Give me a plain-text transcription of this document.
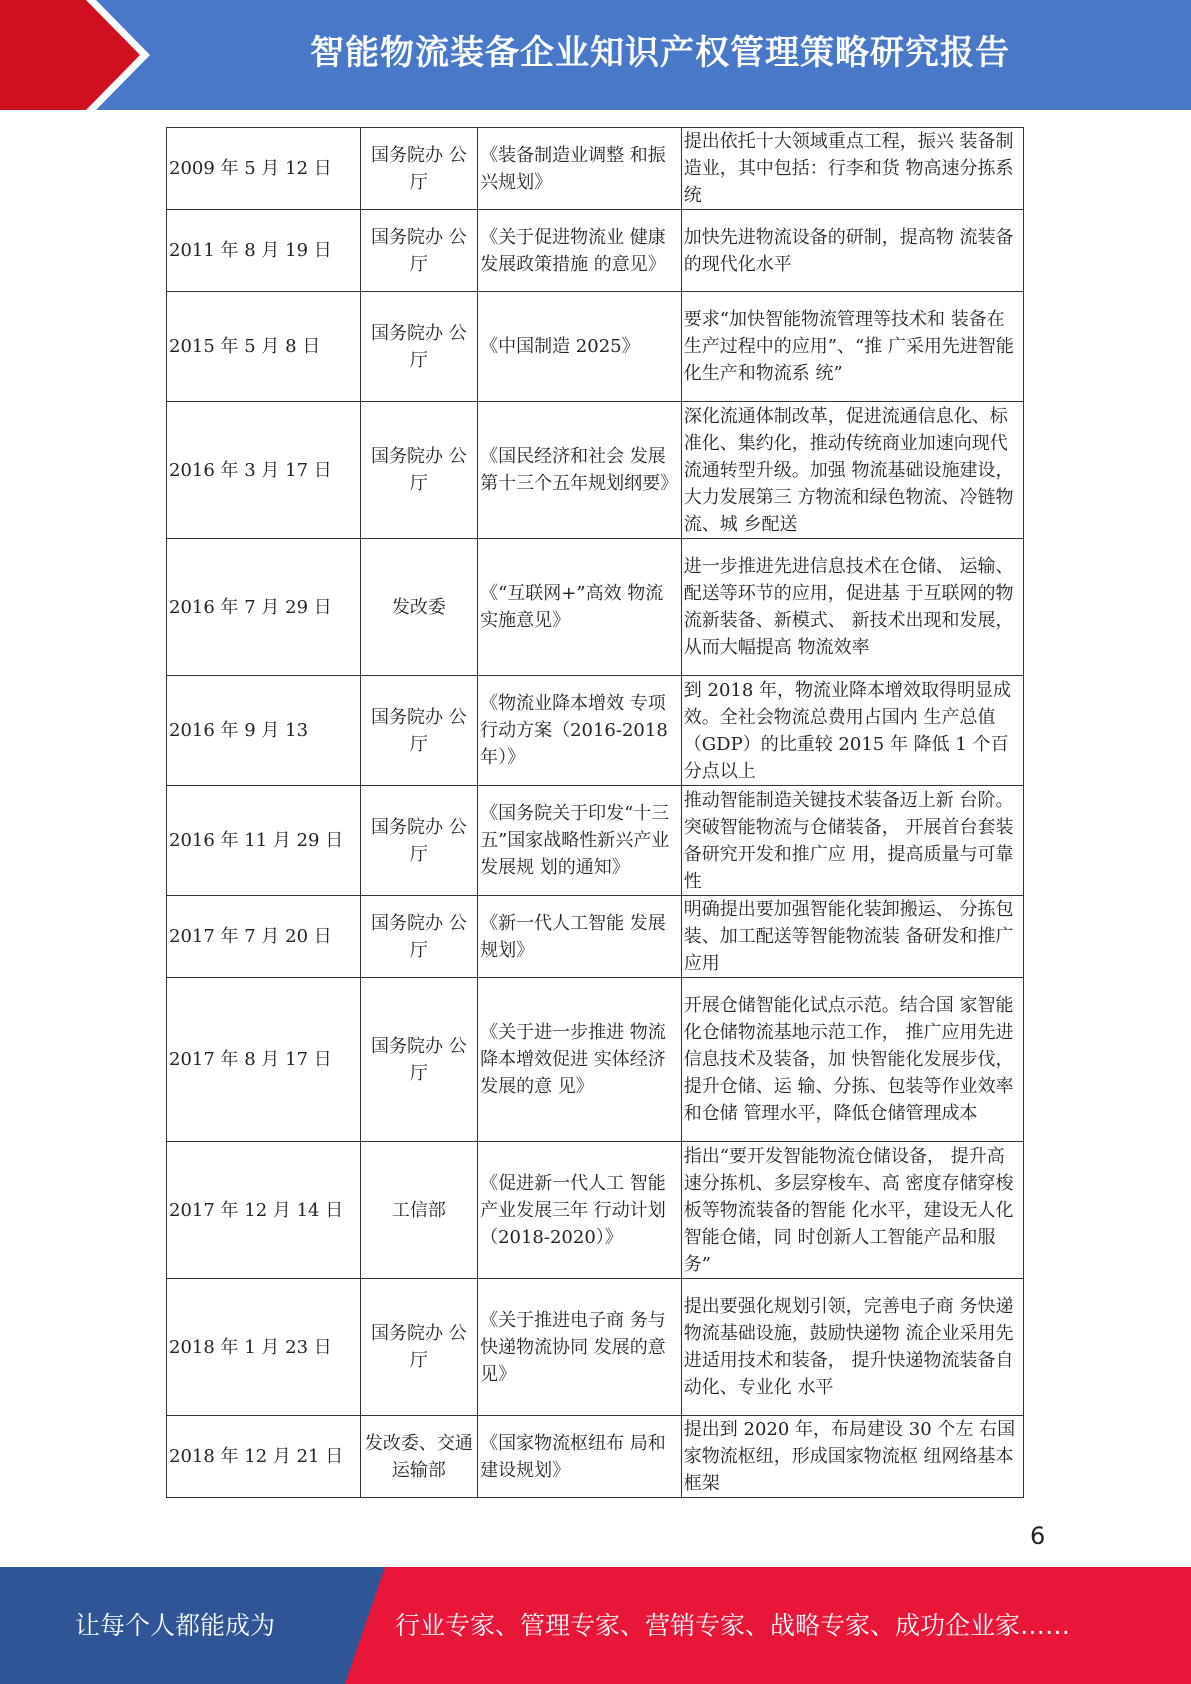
智能物流装备企业知识产权管理策略研究报告
2009 年 5 月 12 日	国务院办 公厅	《装备制造业调整 和振兴规划》	提出依托十大领域重点工程，振兴 装备制造业，其中包括：行李和货 物高速分拣系统
2011 年 8 月 19 日	国务院办 公厅	《关于促进物流业 健康发展政策措施 的意见》	加快先进物流设备的研制，提高物 流装备的现代化水平
2015 年 5 月 8 日	国务院办 公厅	《中国制造 2025》	要求“加快智能物流管理等技术和 装备在生产过程中的应用”、“推 广采用先进智能化生产和物流系 统”
2016 年 3 月 17 日	国务院办 公厅	《国民经济和社会 发展第十三个五年规划纲要》	深化流通体制改革，促进流通信息化、标准化、集约化，推动传统商业加速向现代流通转型升级。加强 物流基础设施建设，大力发展第三 方物流和绿色物流、冷链物流、城 乡配送
2016 年 7 月 29 日	发改委	《“互联网+”高效 物流实施意见》	进一步推进先进信息技术在仓储、 运输、配送等环节的应用，促进基 于互联网的物流新装备、新模式、 新技术出现和发展，从而大幅提高 物流效率
2016 年 9 月 13	国务院办 公厅	《物流业降本增效 专项行动方案（2016-2018 年）》	到 2018 年，物流业降本增效取得明显成效。全社会物流总费用占国内 生产总值（GDP）的比重较 2015 年 降低 1 个百分点以上
2016 年 11 月 29 日	国务院办 公厅	《国务院关于印发“十三五”国家战略性新兴产业发展规 划的通知》	推动智能制造关键技术装备迈上新 台阶。突破智能物流与仓储装备， 开展首台套装备研究开发和推广应 用，提高质量与可靠性
2017 年 7 月 20 日	国务院办 公厅	《新一代人工智能 发展规划》	明确提出要加强智能化装卸搬运、 分拣包装、加工配送等智能物流装 备研发和推广应用
2017 年 8 月 17 日	国务院办 公厅	《关于进一步推进 物流降本增效促进 实体经济发展的意 见》	开展仓储智能化试点示范。结合国 家智能化仓储物流基地示范工作， 推广应用先进信息技术及装备，加 快智能化发展步伐，提升仓储、运 输、分拣、包装等作业效率和仓储 管理水平，降低仓储管理成本
2017 年 12 月 14 日	工信部	《促进新一代人工 智能产业发展三年 行动计划（2018-2020）》	指出“要开发智能物流仓储设备， 提升高速分拣机、多层穿梭车、高 密度存储穿梭板等物流装备的智能 化水平，建设无人化智能仓储，同 时创新人工智能产品和服务”
2018 年 1 月 23 日	国务院办 公厅	《关于推进电子商 务与快递物流协同 发展的意见》	提出要强化规划引领，完善电子商 务快递物流基础设施，鼓励快递物 流企业采用先进适用技术和装备， 提升快递物流装备自动化、专业化 水平
2018 年 12 月 21 日	发改委、交通运输部	《国家物流枢纽布 局和建设规划》	提出到 2020 年，布局建设 30 个左 右国家物流枢纽，形成国家物流枢 纽网络基本框架
6
让每个人都能成为	行业专家、管理专家、营销专家、战略专家、成功企业家……
